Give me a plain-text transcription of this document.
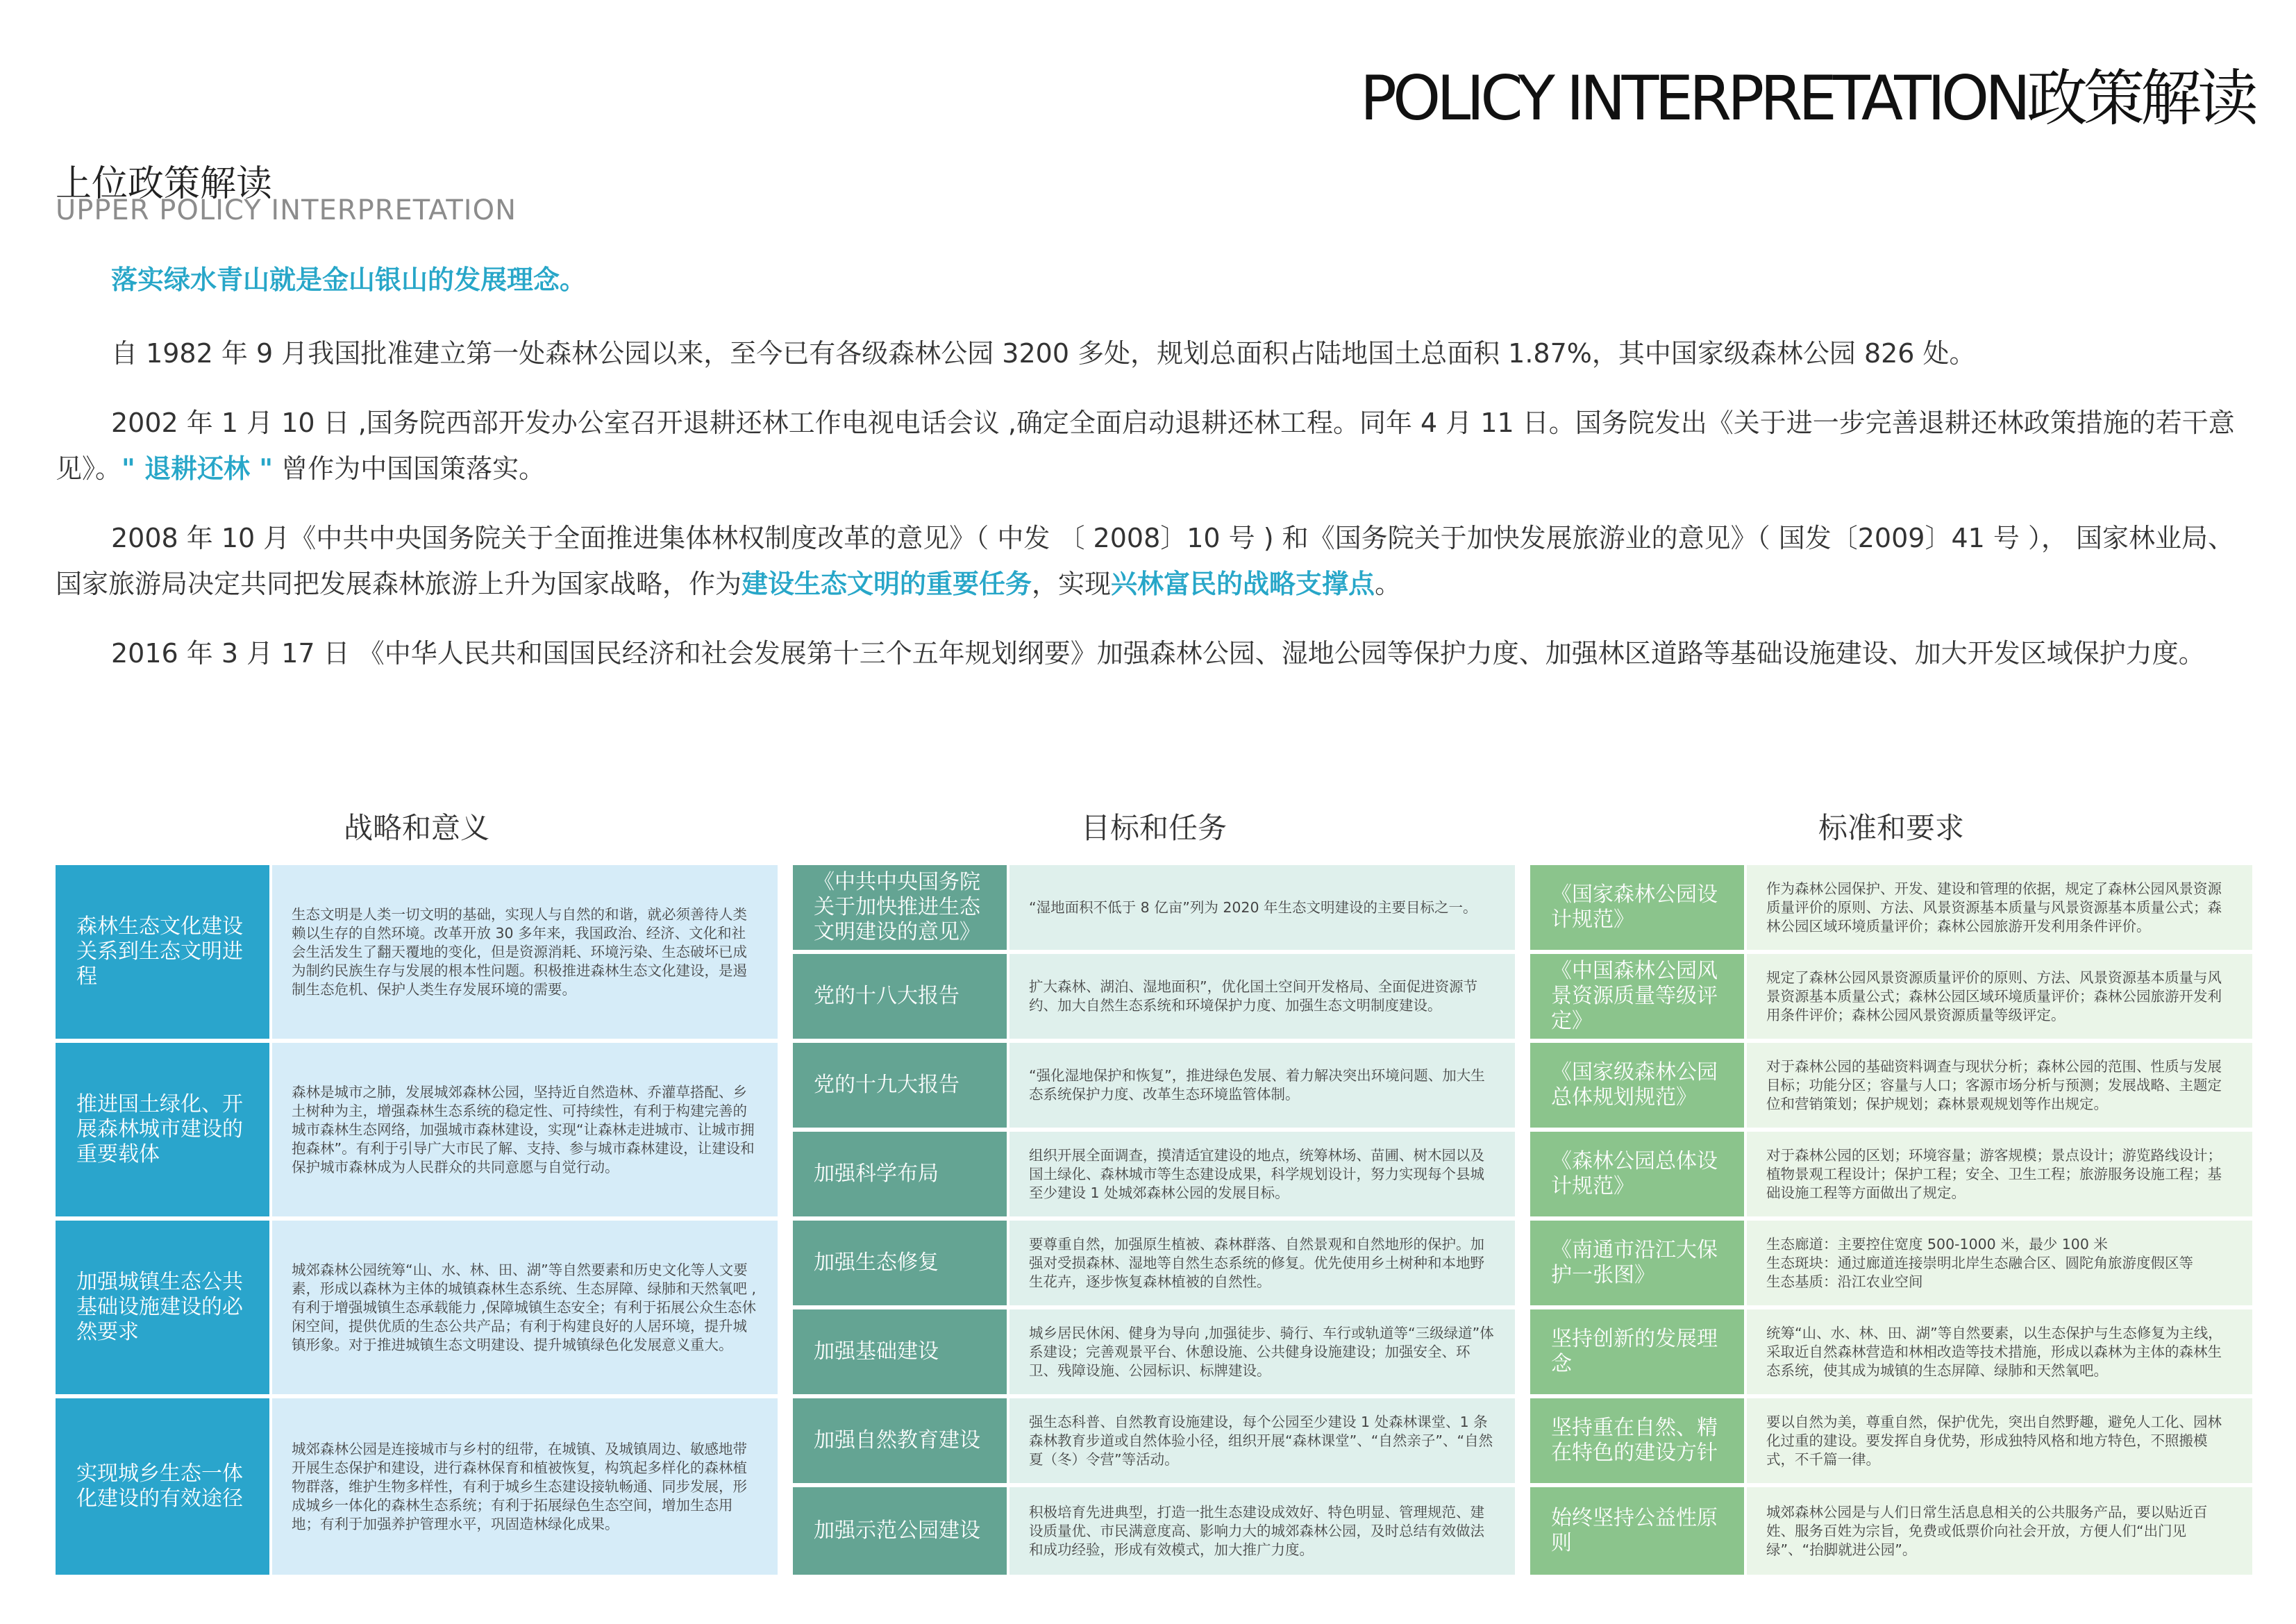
POLICY INTERPRETATION政策解读
上位政策解读
UPPER POLICY INTERPRETATION

落实绿水青山就是金山银山的发展理念。

自 1982 年 9 月我国批准建立第一处森林公园以来，至今已有各级森林公园 3200 多处，规划总面积占陆地国土总面积 1.87%，其中国家级森林公园 826 处。

2002 年 1 月 10 日 ,国务院西部开发办公室召开退耕还林工作电视电话会议 ,确定全面启动退耕还林工程。同年 4 月 11 日。国务院发出《关于进一步完善退耕还林政策措施的若干意见》。" 退耕还林 " 曾作为中国国策落实。

2008 年 10 月《中共中央国务院关于全面推进集体林权制度改革的意见》（ 中发 〔 2008〕10 号 ) 和《国务院关于加快发展旅游业的意见》（ 国发〔2009〕41 号 ）， 国家林业局、国家旅游局决定共同把发展森林旅游上升为国家战略，作为建设生态文明的重要任务，实现兴林富民的战略支撑点。

2016 年 3 月 17 日 《中华人民共和国国民经济和社会发展第十三个五年规划纲要》加强森林公园、湿地公园等保护力度、加强林区道路等基础设施建设、加大开发区域保护力度。

战略和意义
森林生态文化建设关系到生态文明进程
生态文明是人类一切文明的基础，实现人与自然的和谐，就必须善待人类赖以生存的自然环境。改革开放 30 多年来，我国政治、经济、文化和社会生活发生了翻天覆地的变化，但是资源消耗、环境污染、生态破坏已成为制约民族生存与发展的根本性问题。积极推进森林生态文化建设，是遏制生态危机、保护人类生存发展环境的需要。
推进国土绿化、开展森林城市建设的重要载体
森林是城市之肺，发展城郊森林公园，坚持近自然造林、乔灌草搭配、乡土树种为主，增强森林生态系统的稳定性、可持续性，有利于构建完善的城市森林生态网络，加强城市森林建设，实现“让森林走进城市、让城市拥抱森林”。有利于引导广大市民了解、支持、参与城市森林建设，让建设和保护城市森林成为人民群众的共同意愿与自觉行动。
加强城镇生态公共基础设施建设的必然要求
城郊森林公园统筹“山、水、林、田、湖”等自然要素和历史文化等人文要素，形成以森林为主体的城镇森林生态系统、生态屏障、绿肺和天然氧吧 ,有利于增强城镇生态承载能力 ,保障城镇生态安全；有利于拓展公众生态休闲空间，提供优质的生态公共产品；有利于构建良好的人居环境，提升城镇形象。对于推进城镇生态文明建设、提升城镇绿色化发展意义重大。
实现城乡生态一体化建设的有效途径
城郊森林公园是连接城市与乡村的纽带，在城镇、及城镇周边、敏感地带开展生态保护和建设，进行森林保育和植被恢复，构筑起多样化的森林植物群落，维护生物多样性，有利于城乡生态建设接轨畅通、同步发展，形成城乡一体化的森林生态系统；有利于拓展绿色生态空间，增加生态用地；有利于加强养护管理水平，巩固造林绿化成果。
目标和任务
《中共中央国务院关于加快推进生态文明建设的意见》
“湿地面积不低于 8 亿亩”列为 2020 年生态文明建设的主要目标之一。
党的十八大报告	扩大森林、湖泊、湿地面积”，优化国土空间开发格局、全面促进资源节约、加大自然生态系统和环境保护力度、加强生态文明制度建设。
党的十九大报告	“强化湿地保护和恢复”，推进绿色发展、着力解决突出环境问题、加大生态系统保护力度、改革生态环境监管体制。
加强科学布局
组织开展全面调查，摸清适宜建设的地点，统筹林场、苗圃、树木园以及国土绿化、森林城市等生态建设成果，科学规划设计，努力实现每个县城至少建设 1 处城郊森林公园的发展目标。
加强生态修复
要尊重自然，加强原生植被、森林群落、自然景观和自然地形的保护。加强对受损森林、湿地等自然生态系统的修复。优先使用乡土树种和本地野生花卉，逐步恢复森林植被的自然性。
加强基础建设
城乡居民休闲、健身为导向 ,加强徒步、骑行、车行或轨道等“三级绿道”体系建设；完善观景平台、休憩设施、公共健身设施建设；加强安全、环卫、残障设施、公园标识、标牌建设。
加强自然教育建设
强生态科普、自然教育设施建设，每个公园至少建设 1 处森林课堂、1 条森林教育步道或自然体验小径，组织开展“森林课堂”、“自然亲子”、“自然夏（冬）令营”等活动。
加强示范公园建设
积极培育先进典型，打造一批生态建设成效好、特色明显、管理规范、建设质量优、市民满意度高、影响力大的城郊森林公园，及时总结有效做法和成功经验，形成有效模式，加大推广力度。
标准和要求
《国家森林公园设计规范》
作为森林公园保护、开发、建设和管理的依据，规定了森林公园风景资源质量评价的原则、方法、风景资源基本质量与风景资源基本质量公式；森林公园区域环境质量评价；森林公园旅游开发利用条件评价。
《中国森林公园风景资源质量等级评定》
规定了森林公园风景资源质量评价的原则、方法、风景资源基本质量与风景资源基本质量公式；森林公园区域环境质量评价；森林公园旅游开发利用条件评价；森林公园风景资源质量等级评定。
《国家级森林公园总体规划规范》
对于森林公园的基础资料调查与现状分析；森林公园的范围、性质与发展目标；功能分区；容量与人口；客源市场分析与预测；发展战略、主题定位和营销策划；保护规划；森林景观规划等作出规定。
《森林公园总体设计规范》
对于森林公园的区划；环境容量；游客规模；景点设计；游览路线设计；植物景观工程设计；保护工程；安全、卫生工程；旅游服务设施工程；基础设施工程等方面做出了规定。
《南通市沿江大保护一张图》
生态廊道：主要控住宽度 500-1000 米，最少 100 米
生态斑块：通过廊道连接崇明北岸生态融合区、圆陀角旅游度假区等
生态基质：沿江农业空间
坚持创新的发展理念
统筹“山、水、林、田、湖”等自然要素，以生态保护与生态修复为主线，采取近自然森林营造和林相改造等技术措施，形成以森林为主体的森林生态系统，使其成为城镇的生态屏障、绿肺和天然氧吧。
坚持重在自然、精在特色的建设方针
要以自然为美，尊重自然，保护优先，突出自然野趣，避免人工化、园林化过重的建设。要发挥自身优势，形成独特风格和地方特色，不照搬模式，不千篇一律。
始终坚持公益性原则
城郊森林公园是与人们日常生活息息相关的公共服务产品，要以贴近百姓、服务百姓为宗旨，免费或低票价向社会开放，方便人们“出门见绿”、“抬脚就进公园”。
